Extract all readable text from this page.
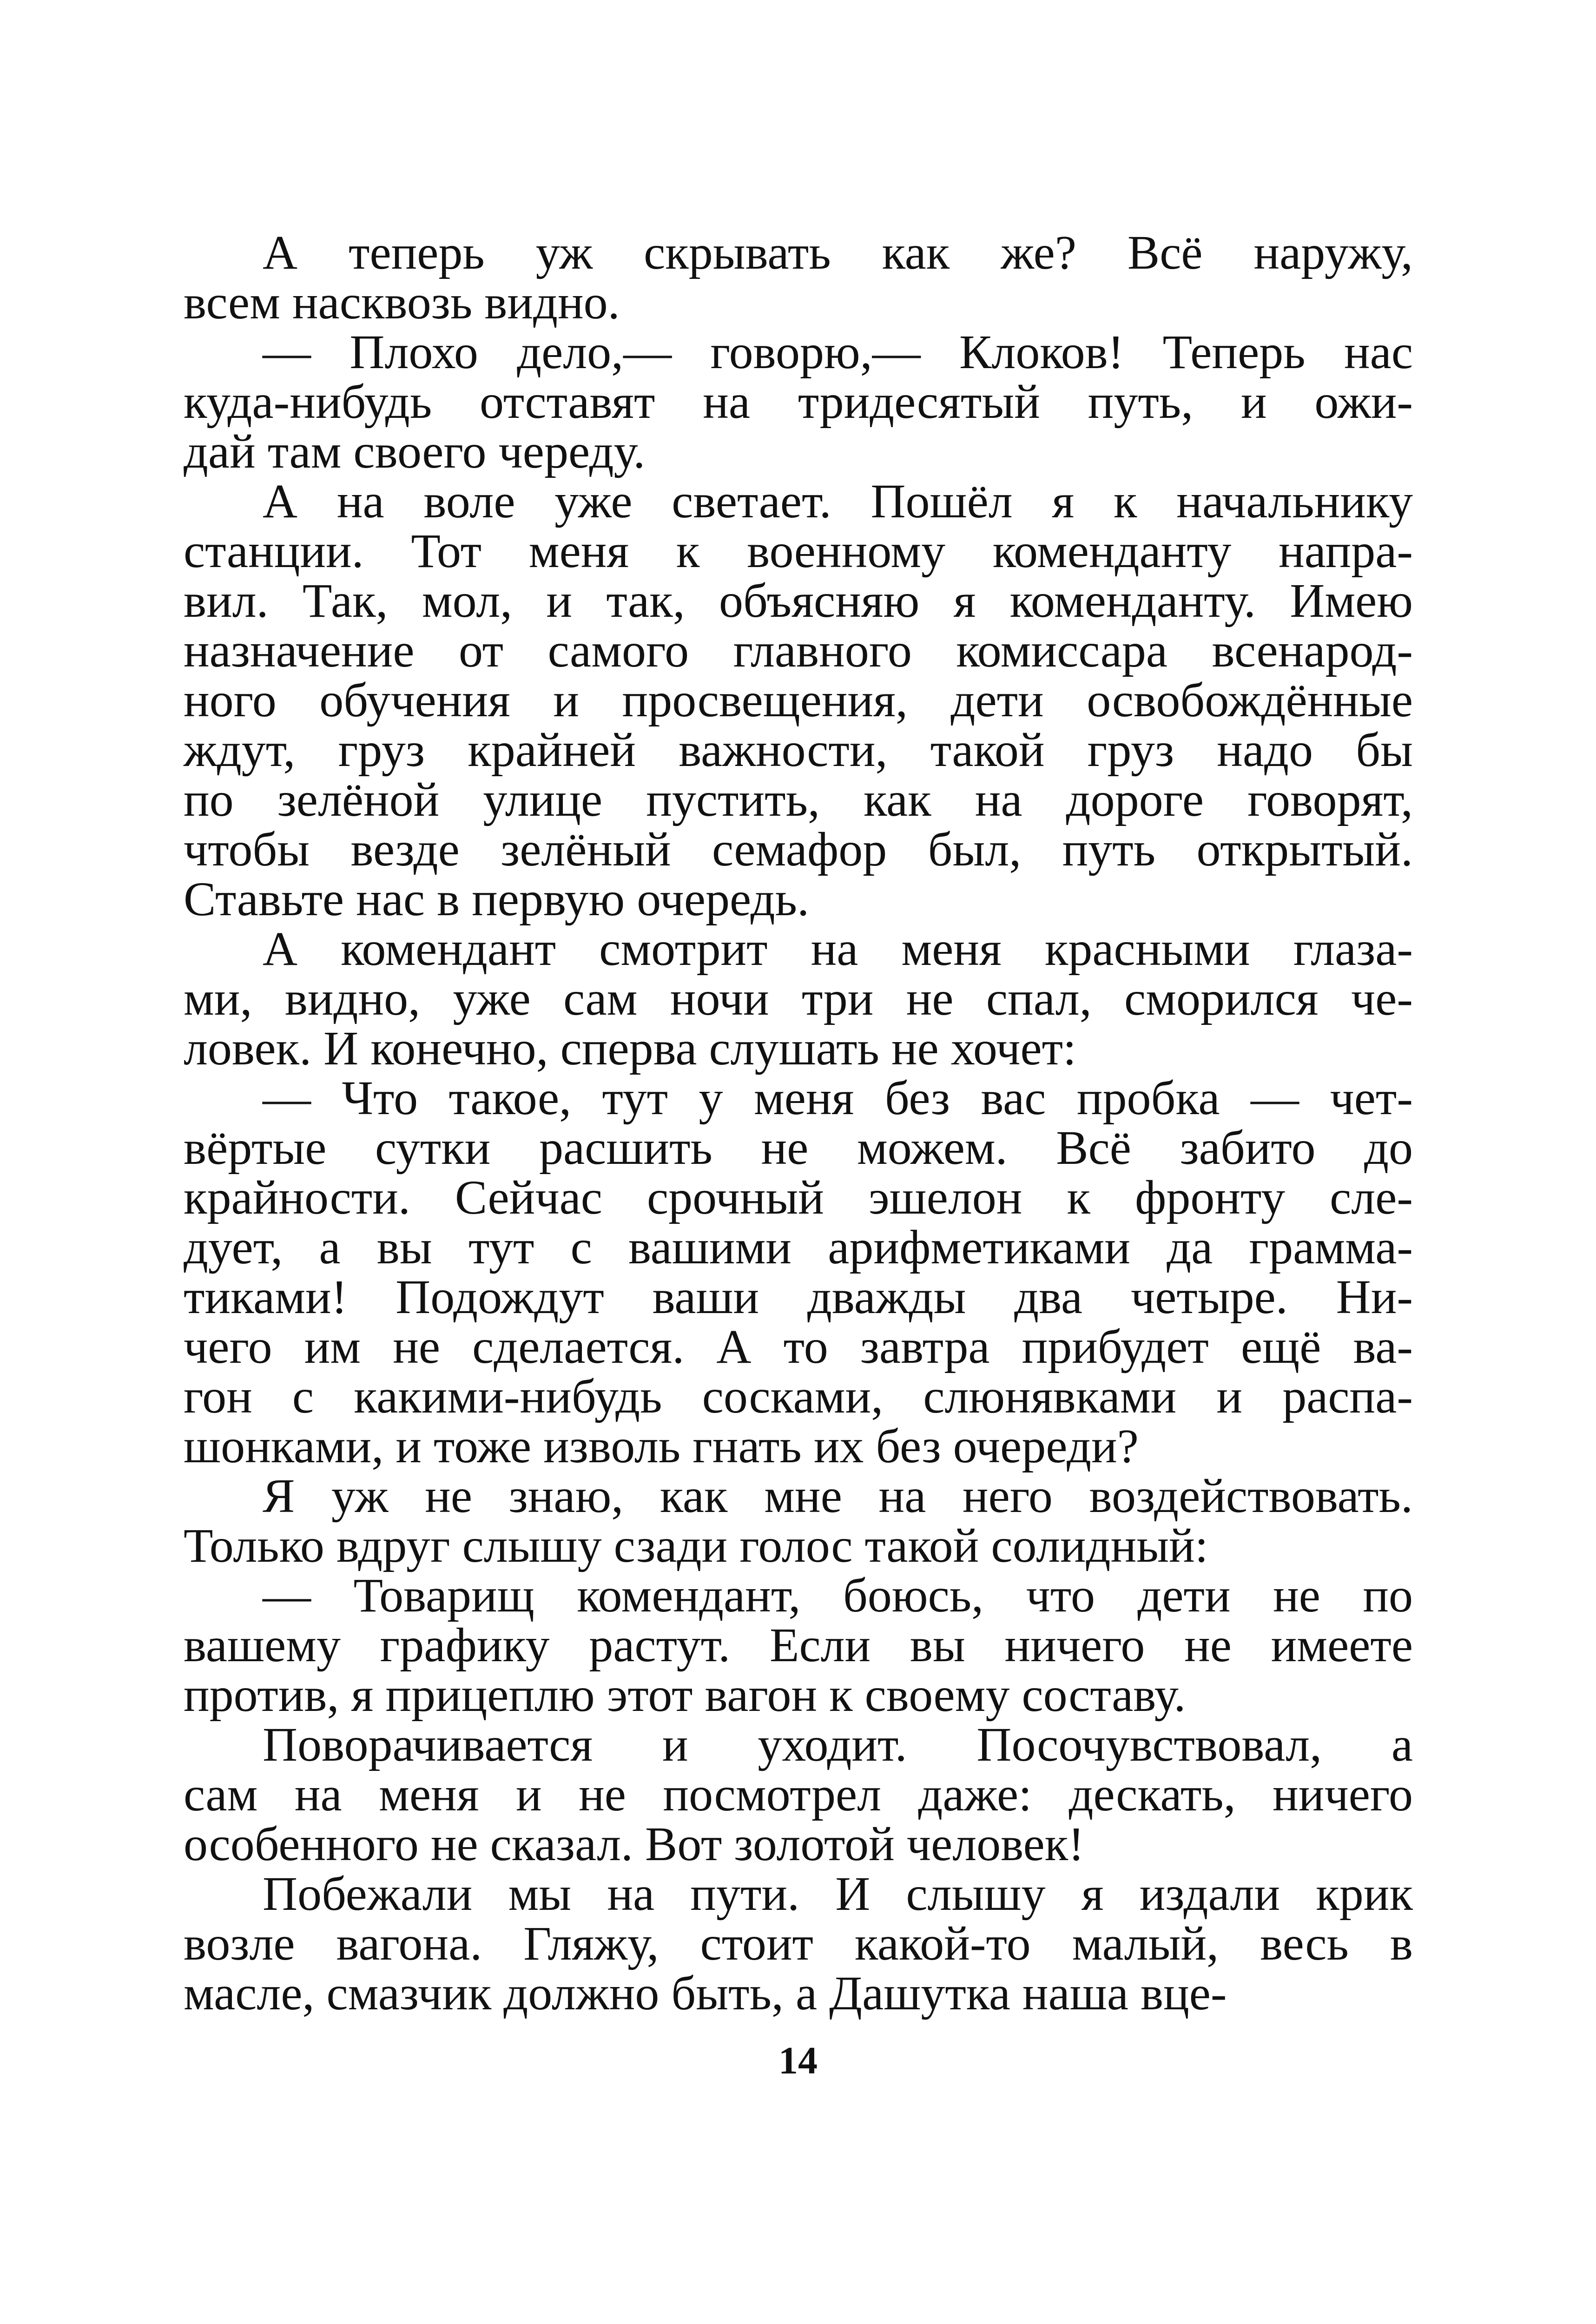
А теперь уж скрывать как же? Всё наружу,
всем насквозь видно.
— Плохо дело,— говорю,— Клоков! Теперь нас
куда-нибудь отставят на тридесятый путь, и ожи-
дай там своего череду.
А на воле уже светает. Пошёл я к начальнику
станции. Тот меня к военному коменданту напра-
вил. Так, мол, и так, объясняю я коменданту. Имею
назначение от самого главного комиссара всенарод-
ного обучения и просвещения, дети освобождённые
ждут, груз крайней важности, такой груз надо бы
по зелёной улице пустить, как на дороге говорят,
чтобы везде зелёный семафор был, путь открытый.
Ставьте нас в первую очередь.
А комендант смотрит на меня красными глаза-
ми, видно, уже сам ночи три не спал, сморился че-
ловек. И конечно, сперва слушать не хочет:
— Что такое, тут у меня без вас пробка — чет-
вёртые сутки расшить не можем. Всё забито до
крайности. Сейчас срочный эшелон к фронту сле-
дует, а вы тут с вашими арифметиками да грамма-
тиками! Подождут ваши дважды два четыре. Ни-
чего им не сделается. А то завтра прибудет ещё ва-
гон с какими-нибудь сосками, слюнявками и распа-
шонками, и тоже изволь гнать их без очереди?
Я уж не знаю, как мне на него воздействовать.
Только вдруг слышу сзади голос такой солидный:
— Товарищ комендант, боюсь, что дети не по
вашему графику растут. Если вы ничего не имеете
против, я прицеплю этот вагон к своему составу.
Поворачивается и уходит. Посочувствовал, а
сам на меня и не посмотрел даже: дескать, ничего
особенного не сказал. Вот золотой человек!
Побежали мы на пути. И слышу я издали крик
возле вагона. Гляжу, стоит какой-то малый, весь в
масле, смазчик должно быть, а Дашутка наша вце-
14
